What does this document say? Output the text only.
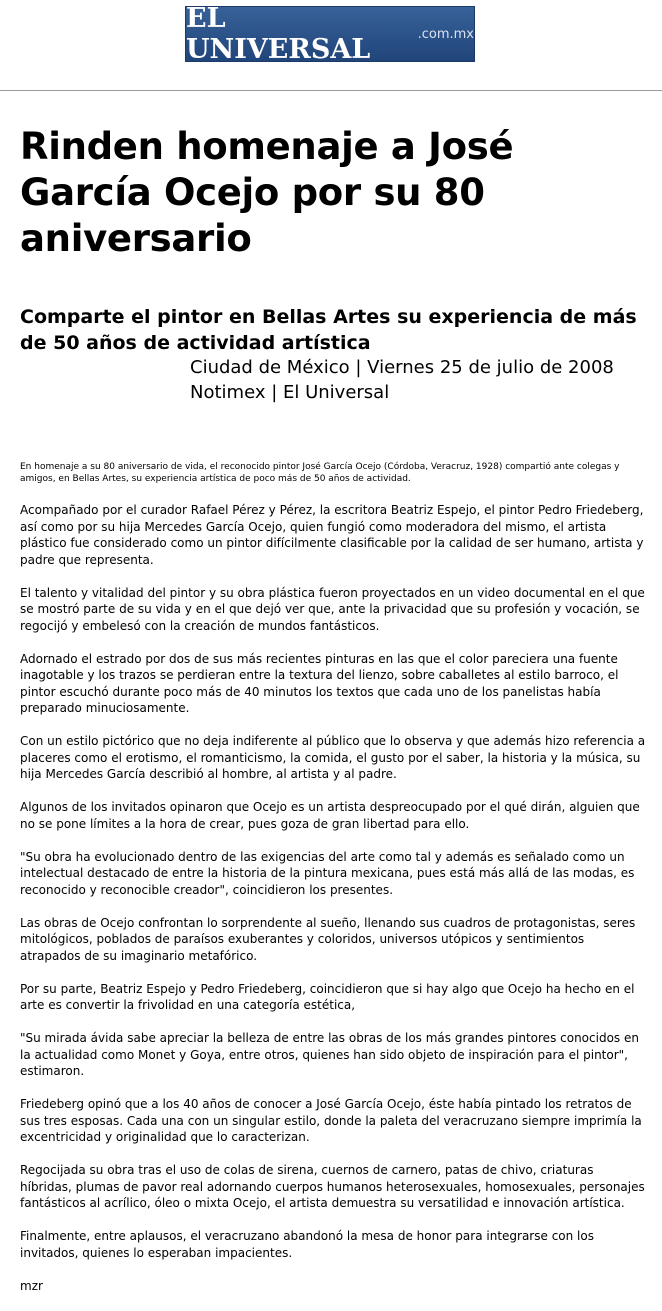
EL UNIVERSAL	.com.mx
Rinden homenaje a José García Ocejo por su 80 aniversario
Comparte el pintor en Bellas Artes su experiencia de más de 50 años de actividad artística
Ciudad de México | Viernes 25 de julio de 2008
Notimex | El Universal

En homenaje a su 80 aniversario de vida, el reconocido pintor José García Ocejo (Córdoba, Veracruz, 1928) compartió ante colegas y amigos, en Bellas Artes, su experiencia artística de poco más de 50 años de actividad.

Acompañado por el curador Rafael Pérez y Pérez, la escritora Beatriz Espejo, el pintor Pedro Friedeberg, así como por su hija Mercedes García Ocejo, quien fungió como moderadora del mismo, el artista plástico fue considerado como un pintor difícilmente clasificable por la calidad de ser humano, artista y padre que representa.

El talento y vitalidad del pintor y su obra plástica fueron proyectados en un video documental en el que se mostró parte de su vida y en el que dejó ver que, ante la privacidad que su profesión y vocación, se regocijó y embelesó con la creación de mundos fantásticos.

Adornado el estrado por dos de sus más recientes pinturas en las que el color pareciera una fuente inagotable y los trazos se perdieran entre la textura del lienzo, sobre caballetes al estilo barroco, el pintor escuchó durante poco más de 40 minutos los textos que cada uno de los panelistas había preparado minuciosamente.

Con un estilo pictórico que no deja indiferente al público que lo observa y que además hizo referencia a placeres como el erotismo, el romanticismo, la comida, el gusto por el saber, la historia y la música, su hija Mercedes García describió al hombre, al artista y al padre.

Algunos de los invitados opinaron que Ocejo es un artista despreocupado por el qué dirán, alguien que no se pone límites a la hora de crear, pues goza de gran libertad para ello.

"Su obra ha evolucionado dentro de las exigencias del arte como tal y además es señalado como un intelectual destacado de entre la historia de la pintura mexicana, pues está más allá de las modas, es reconocido y reconocible creador", coincidieron los presentes.

Las obras de Ocejo confrontan lo sorprendente al sueño, llenando sus cuadros de protagonistas, seres mitológicos, poblados de paraísos exuberantes y coloridos, universos utópicos y sentimientos atrapados de su imaginario metafórico.

Por su parte, Beatriz Espejo y Pedro Friedeberg, coincidieron que si hay algo que Ocejo ha hecho en el arte es convertir la frivolidad en una categoría estética,

"Su mirada ávida sabe apreciar la belleza de entre las obras de los más grandes pintores conocidos en la actualidad como Monet y Goya, entre otros, quienes han sido objeto de inspiración para el pintor", estimaron.

Friedeberg opinó que a los 40 años de conocer a José García Ocejo, éste había pintado los retratos de sus tres esposas. Cada una con un singular estilo, donde la paleta del veracruzano siempre imprimía la excentricidad y originalidad que lo caracterizan.

Regocijada su obra tras el uso de colas de sirena, cuernos de carnero, patas de chivo, criaturas híbridas, plumas de pavor real adornando cuerpos humanos heterosexuales, homosexuales, personajes fantásticos al acrílico, óleo o mixta Ocejo, el artista demuestra su versatilidad e innovación artística.

Finalmente, entre aplausos, el veracruzano abandonó la mesa de honor para integrarse con los invitados, quienes lo esperaban impacientes.

mzr
